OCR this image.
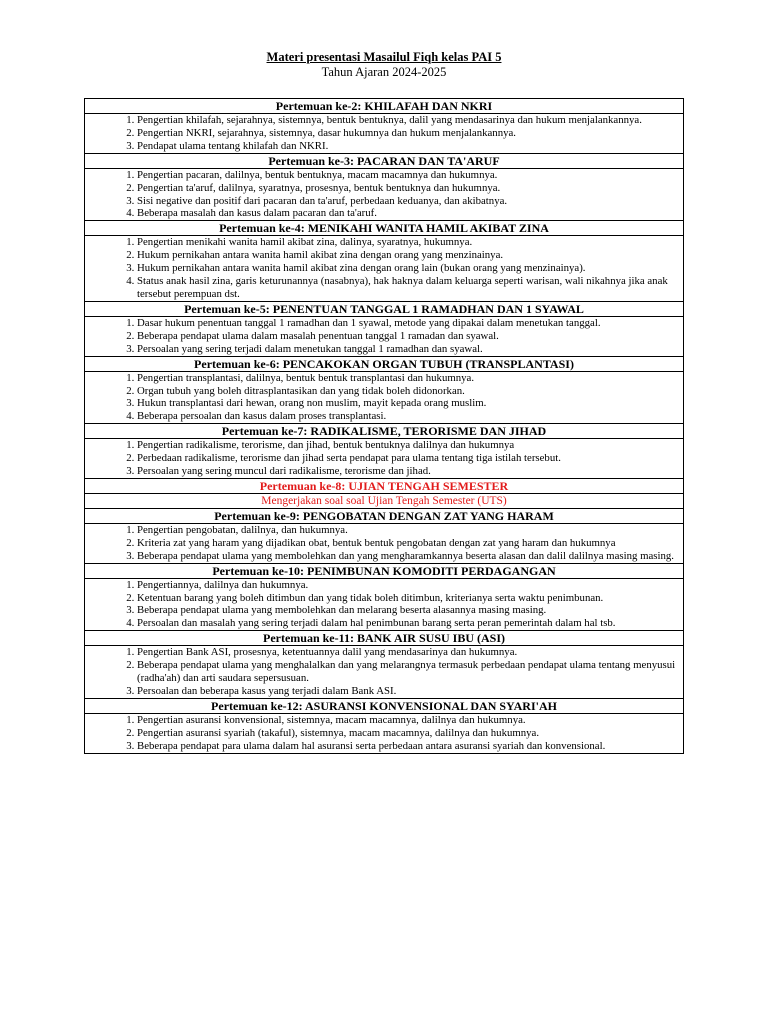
Materi presentasi Masailul Fiqh kelas PAI 5
Tahun Ajaran 2024-2025
Pertemuan ke-2: KHILAFAH DAN NKRI

1. Pengertian khilafah, sejarahnya, sistemnya, bentuk bentuknya, dalil yang mendasarinya dan hukum menjalankannya.
2. Pengertian NKRI, sejarahnya, sistemnya, dasar hukumnya dan hukum menjalankannya.
3. Pendapat ulama tentang khilafah dan NKRI.

Pertemuan ke-3: PACARAN DAN TA'ARUF

1. Pengertian pacaran, dalilnya, bentuk bentuknya, macam macamnya dan hukumnya.
2. Pengertian ta'aruf, dalilnya, syaratnya, prosesnya, bentuk bentuknya dan hukumnya.
3. Sisi negative dan positif dari pacaran dan ta'aruf, perbedaan keduanya, dan akibatnya.
4. Beberapa masalah dan kasus dalam pacaran dan ta'aruf.

Pertemuan ke-4: MENIKAHI WANITA HAMIL AKIBAT ZINA

1. Pengertian menikahi wanita hamil akibat zina, dalinya, syaratnya, hukumnya.
2. Hukum pernikahan antara wanita hamil akibat zina dengan orang yang menzinainya.
3. Hukum pernikahan antara wanita hamil akibat zina dengan orang lain (bukan orang yang menzinainya).
4. Status anak hasil zina, garis keturunannya (nasabnya), hak haknya dalam keluarga seperti warisan, wali nikahnya jika anak tersebut perempuan dst.

Pertemuan ke-5: PENENTUAN TANGGAL 1 RAMADHAN DAN 1 SYAWAL

1. Dasar hukum penentuan tanggal 1 ramadhan dan 1 syawal, metode yang dipakai dalam menetukan tanggal.
2. Beberapa pendapat ulama dalam masalah penentuan tanggal 1 ramadan dan syawal.
3. Persoalan yang sering terjadi dalam menetukan tanggal 1 ramadhan dan syawal.

Pertemuan ke-6: PENCAKOKAN ORGAN TUBUH (TRANSPLANTASI)

1. Pengertian transplantasi, dalilnya, bentuk bentuk transplantasi dan hukumnya.
2. Organ tubuh yang boleh ditrasplantasikan dan yang tidak boleh didonorkan.
3. Hukun transplantasi dari hewan, orang non muslim, mayit kepada orang muslim.
4. Beberapa persoalan dan kasus dalam proses transplantasi.

Pertemuan ke-7: RADIKALISME, TERORISME DAN JIHAD

1. Pengertian radikalisme, terorisme, dan jihad, bentuk bentuknya dalilnya dan hukumnya
2. Perbedaan radikalisme, terorisme dan jihad serta pendapat para ulama tentang tiga istilah tersebut.
3. Persoalan yang sering muncul dari radikalisme, terorisme dan jihad.

Pertemuan ke-8: UJIAN TENGAH SEMESTER
Mengerjakan soal soal Ujian Tengah Semester (UTS)
Pertemuan ke-9: PENGOBATAN DENGAN ZAT YANG HARAM

1. Pengertian pengobatan, dalilnya, dan hukumnya.
2. Kriteria zat yang haram yang dijadikan obat, bentuk bentuk pengobatan dengan zat yang haram dan hukumnya
3. Beberapa pendapat ulama yang membolehkan dan yang mengharamkannya beserta alasan dan dalil dalilnya masing masing.

Pertemuan ke-10: PENIMBUNAN KOMODITI PERDAGANGAN

1. Pengertiannya, dalilnya dan hukumnya.
2. Ketentuan barang yang boleh ditimbun dan yang tidak boleh ditimbun, kriterianya serta waktu penimbunan.
3. Beberapa pendapat ulama yang membolehkan dan melarang beserta alasannya masing masing.
4. Persoalan dan masalah yang sering terjadi dalam hal penimbunan barang serta peran pemerintah dalam hal tsb.

Pertemuan ke-11: BANK AIR SUSU IBU (ASI)

1. Pengertian Bank ASI, prosesnya, ketentuannya dalil yang mendasarinya dan hukumnya.
2. Beberapa pendapat ulama yang menghalalkan dan yang melarangnya termasuk perbedaan pendapat ulama tentang menyusui (radha'ah) dan arti saudara sepersusuan.
3. Persoalan dan beberapa kasus yang terjadi dalam Bank ASI.

Pertemuan ke-12: ASURANSI KONVENSIONAL DAN SYARI'AH

1. Pengertian asuransi konvensional, sistemnya, macam macamnya, dalilnya dan hukumnya.
2. Pengertian asuransi syariah (takaful), sistemnya, macam macamnya, dalilnya dan hukumnya.
3. Beberapa pendapat para ulama dalam hal asuransi serta perbedaan antara asuransi syariah dan konvensional.
